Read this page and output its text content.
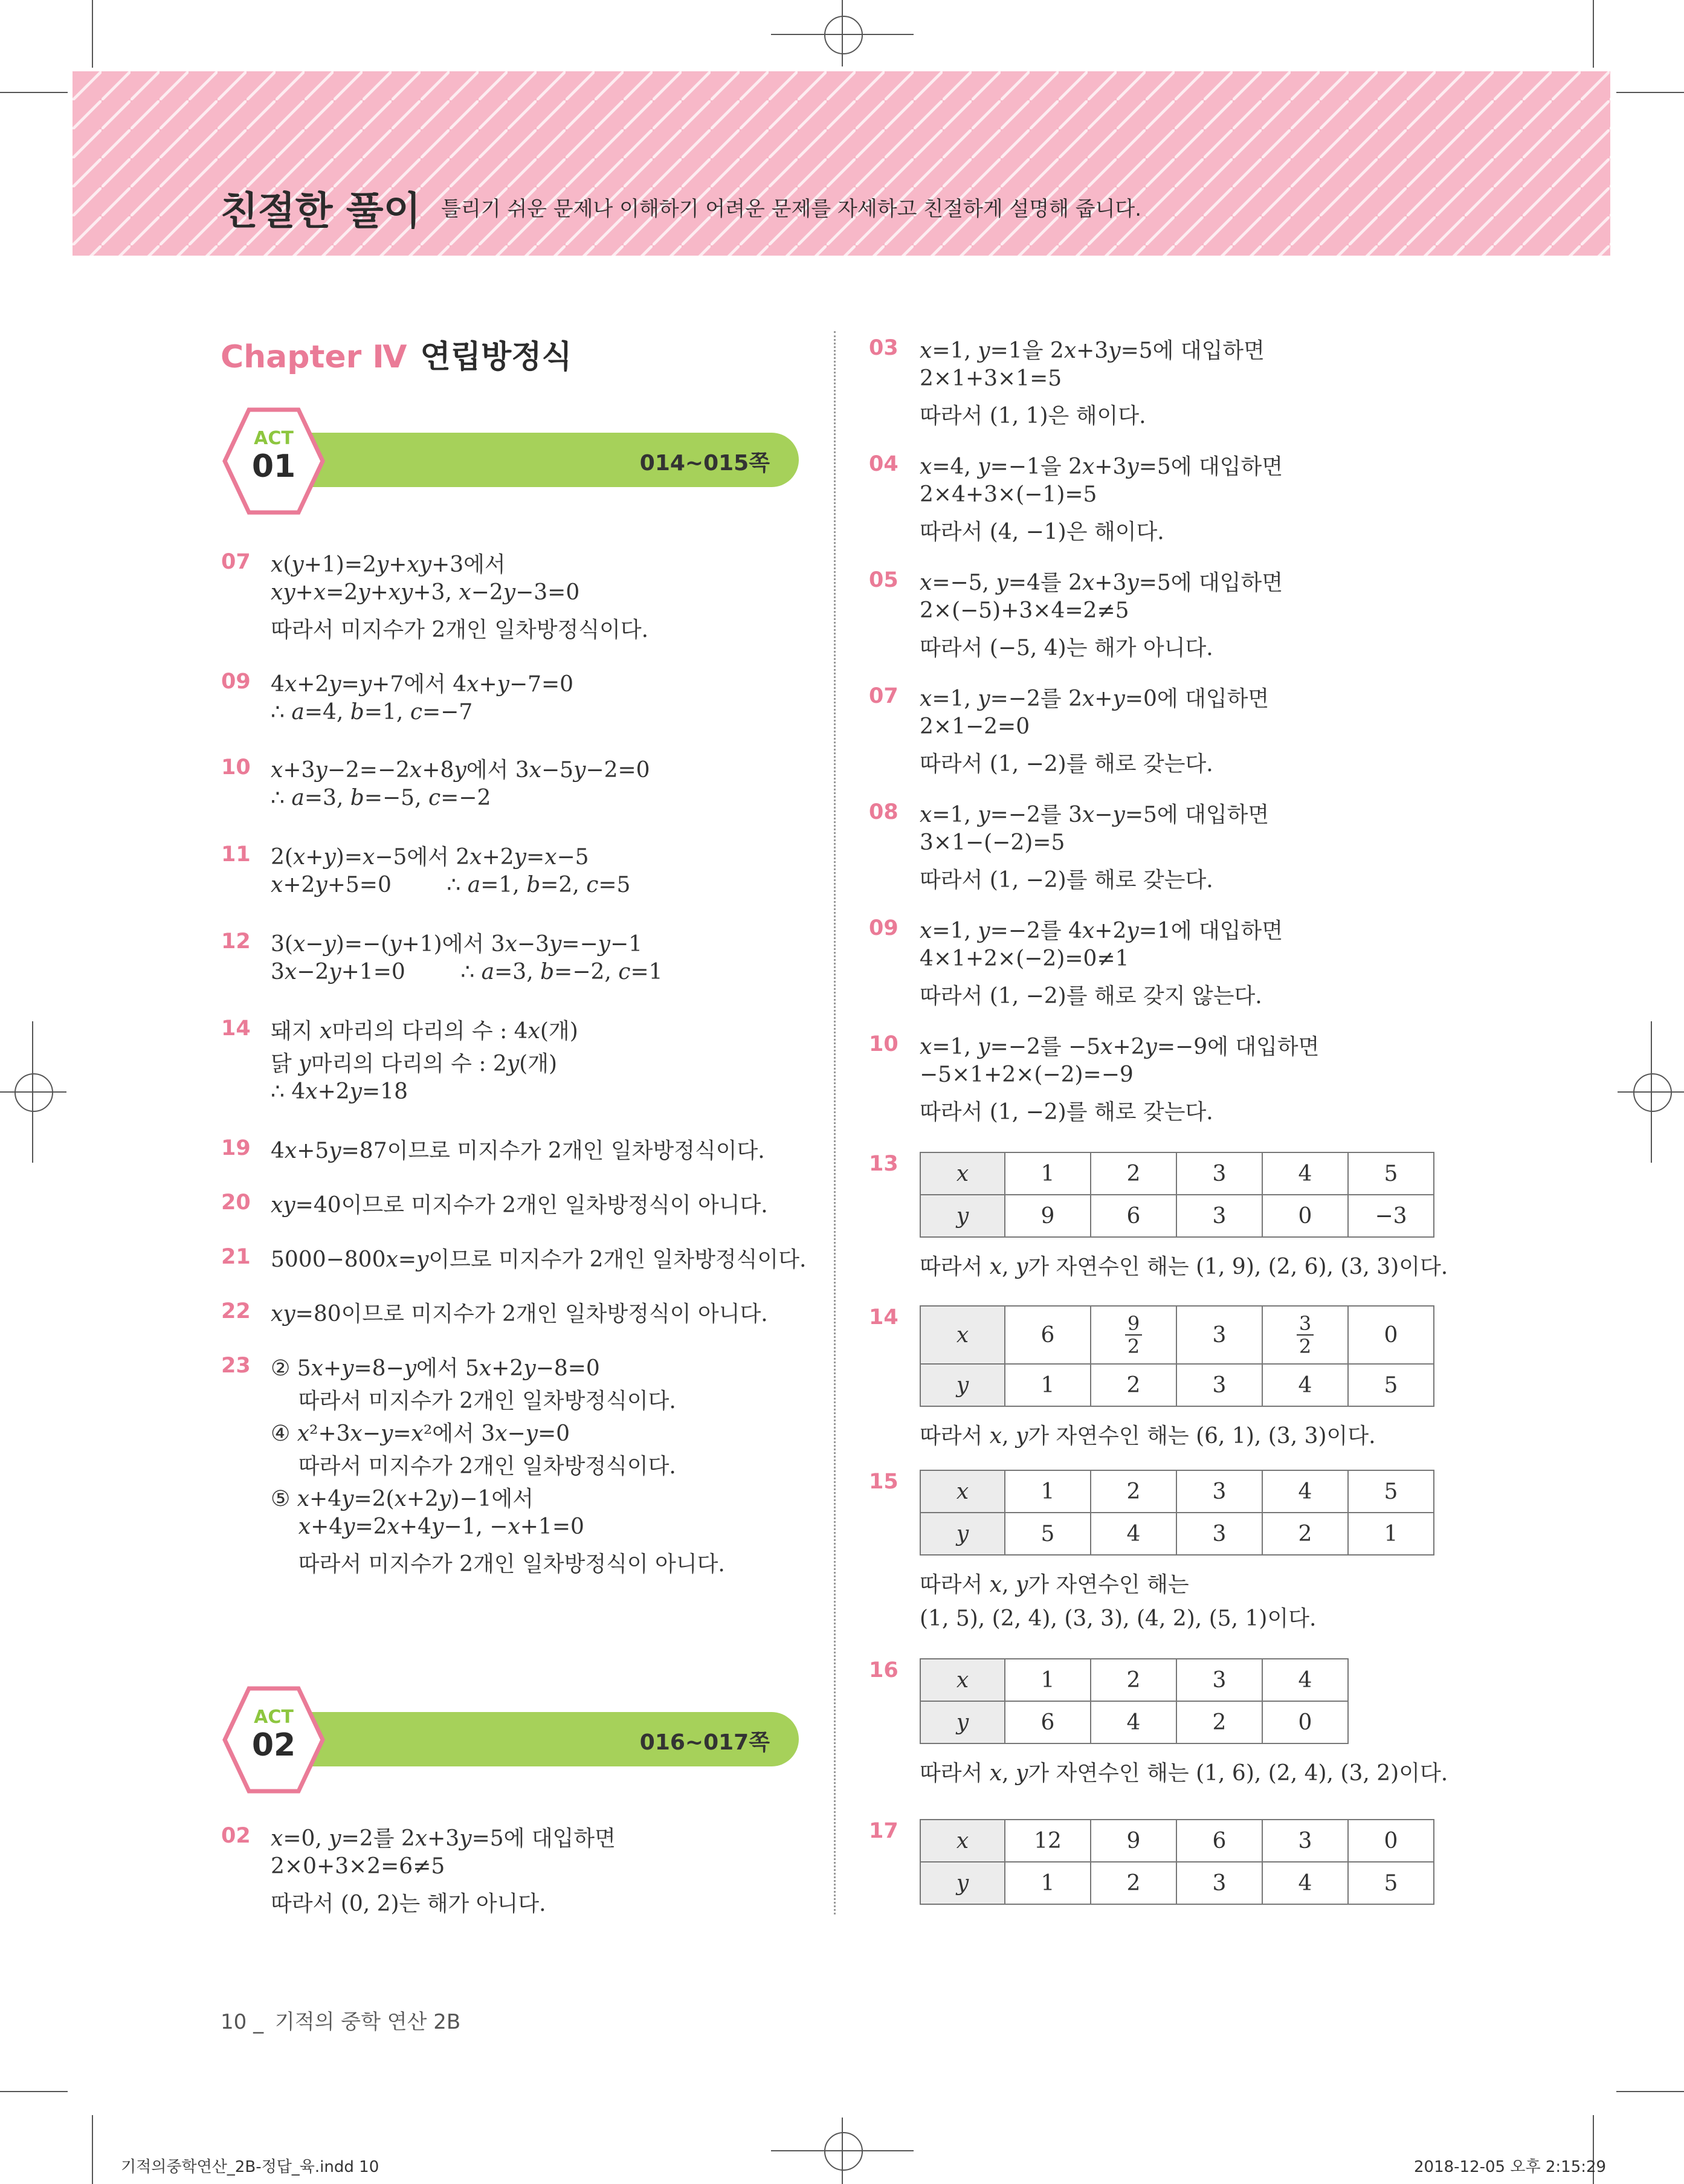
친절한 풀이 틀리기 쉬운 문제나 이해하기 어려운 문제를 자세하고 친절하게 설명해 줍니다.
Chapter Ⅳ 연립방정식
014~015쪽
ACT
01
016~017쪽
ACT
02
07 x(y+1)=2y+xy+3에서
xy+x=2y+xy+3, x−2y−3=0
따라서 미지수가 2개인 일차방정식이다.
09 4x+2y=y+7에서 4x+y−7=0
∴ a=4, b=1, c=−7
10 x+3y−2=−2x+8y에서 3x−5y−2=0
∴ a=3, b=−5, c=−2
11 2(x+y)=x−5에서 2x+2y=x−5
x+2y+5=0        ∴ a=1, b=2, c=5
12 3(x−y)=−(y+1)에서 3x−3y=−y−1
3x−2y+1=0        ∴ a=3, b=−2, c=1
14 돼지 x마리의 다리의 수 : 4x(개)
닭 y마리의 다리의 수 : 2y(개)
∴ 4x+2y=18
19 4x+5y=87이므로 미지수가 2개인 일차방정식이다.
20 xy=40이므로 미지수가 2개인 일차방정식이 아니다.
21 5000−800x=y이므로 미지수가 2개인 일차방정식이다.
22 xy=80이므로 미지수가 2개인 일차방정식이 아니다.
23 ② 5x+y=8−y에서 5x+2y−8=0
따라서 미지수가 2개인 일차방정식이다.
④ x²+3x−y=x²에서 3x−y=0
따라서 미지수가 2개인 일차방정식이다.
⑤ x+4y=2(x+2y)−1에서
x+4y=2x+4y−1, −x+1=0
따라서 미지수가 2개인 일차방정식이 아니다.
02 x=0, y=2를 2x+3y=5에 대입하면
2×0+3×2=6≠5
따라서 (0, 2)는 해가 아니다.
03 x=1, y=1을 2x+3y=5에 대입하면
2×1+3×1=5
따라서 (1, 1)은 해이다.
04 x=4, y=−1을 2x+3y=5에 대입하면
2×4+3×(−1)=5
따라서 (4, −1)은 해이다.
05 x=−5, y=4를 2x+3y=5에 대입하면
2×(−5)+3×4=2≠5
따라서 (−5, 4)는 해가 아니다.
07 x=1, y=−2를 2x+y=0에 대입하면
2×1−2=0
따라서 (1, −2)를 해로 갖는다.
08 x=1, y=−2를 3x−y=5에 대입하면
3×1−(−2)=5
따라서 (1, −2)를 해로 갖는다.
09 x=1, y=−2를 4x+2y=1에 대입하면
4×1+2×(−2)=0≠1
따라서 (1, −2)를 해로 갖지 않는다.
10 x=1, y=−2를 −5x+2y=−9에 대입하면
−5×1+2×(−2)=−9
따라서 (1, −2)를 해로 갖는다.
13	x	1	2	3	4	5
y	9	6	3	0	−3
따라서 x, y가 자연수인 해는 (1, 9), (2, 6), (3, 3)이다.
14
x	6	$\frac{9}{2}$	3	$\frac{3}{2}$	0
y	1	2	3	4	5
따라서 x, y가 자연수인 해는 (6, 1), (3, 3)이다.
15	x	1	2	3	4	5
y	5	4	3	2	1
따라서 x, y가 자연수인 해는
(1, 5), (2, 4), (3, 3), (4, 2), (5, 1)이다.
16	x	1	2	3	4
y	6	4	2	0
따라서 x, y가 자연수인 해는 (1, 6), (2, 4), (3, 2)이다.
17	x	12	9	6	3	0
y	1	2	3	4	5
10 _ 기적의 중학 연산 2B
기적의중학연산_2B-정답_육.indd 10	2018-12-05 오후 2:15:29
